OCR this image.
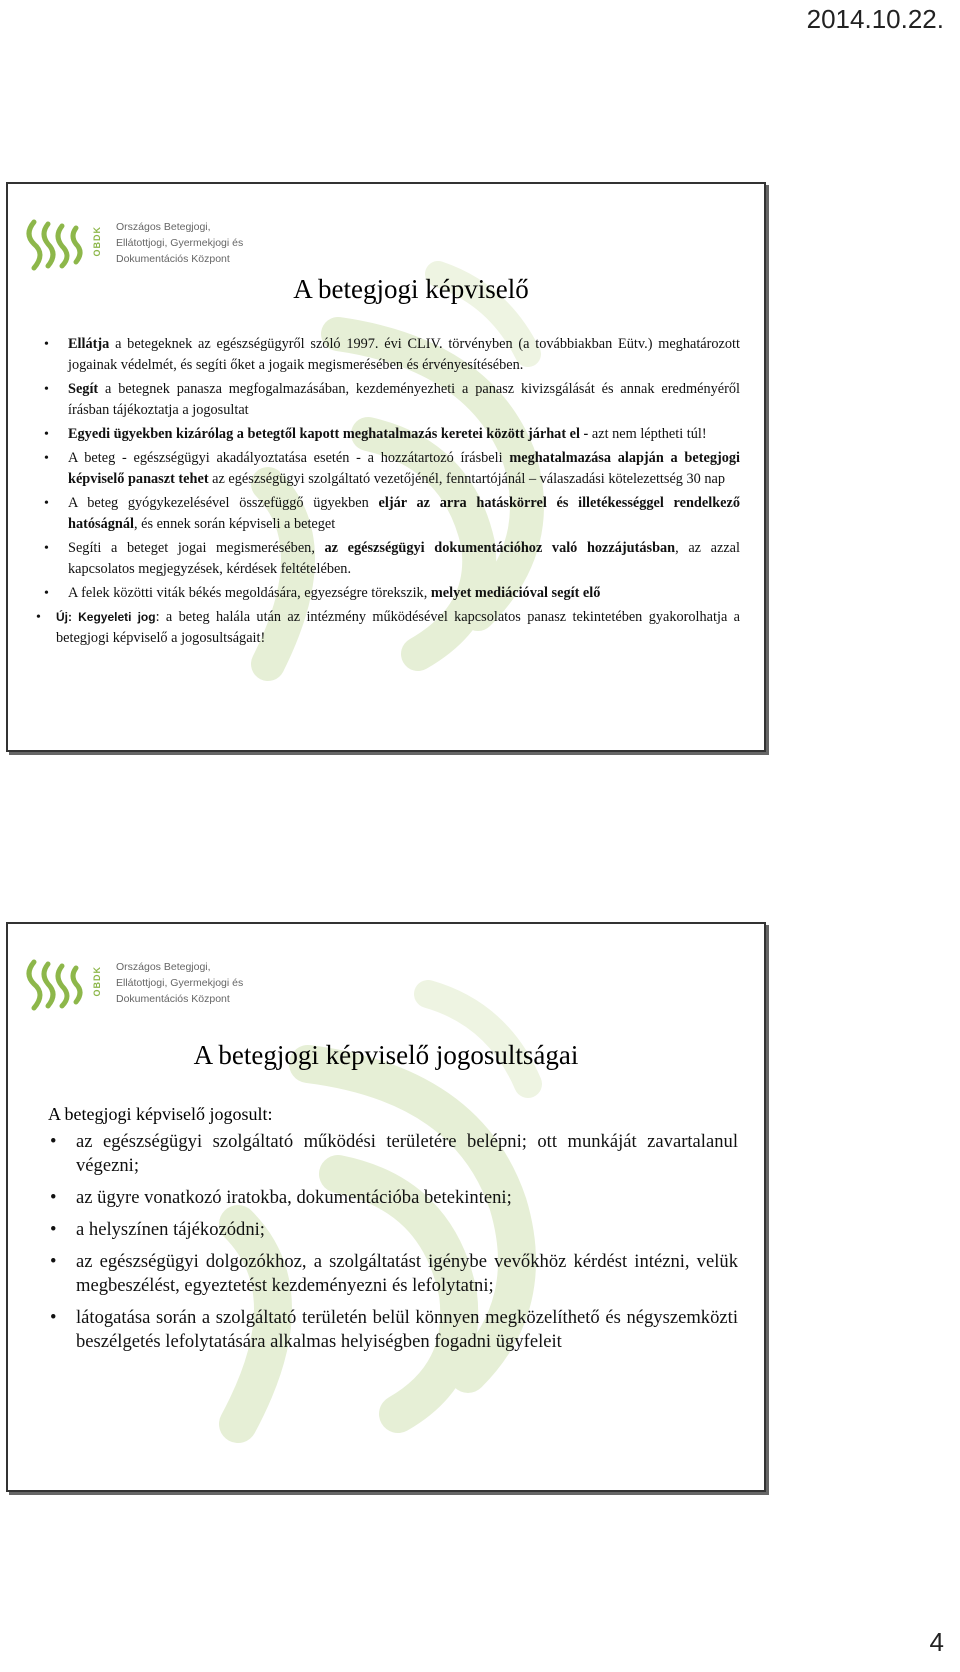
2014.10.22.
OBDK Országos Betegjogi,
Ellátottjogi, Gyermekjogi és
Dokumentációs Központ
A betegjogi képviselő
• Ellátja a betegeknek az egészségügyről szóló 1997. évi CLIV. törvényben (a továbbiakban Eütv.) meghatározott jogainak védelmét, és segíti őket a jogaik megismerésében és érvényesítésében.
• Segít a betegnek panasza megfogalmazásában, kezdeményezheti a panasz kivizsgálását és annak eredményéről írásban tájékoztatja a jogosultat
• Egyedi ügyekben kizárólag a betegtől kapott meghatalmazás keretei között járhat el - azt nem léptheti túl!
• A beteg - egészségügyi akadályoztatása esetén - a hozzátartozó írásbeli meghatalmazása alapján a betegjogi képviselő panaszt tehet az egészségügyi szolgáltató vezetőjénél, fenntartójánál – válaszadási kötelezettség 30 nap
• A beteg gyógykezelésével összefüggő ügyekben eljár az arra hatáskörrel és illetékességgel rendelkező hatóságnál, és ennek során képviseli a beteget
• Segíti a beteget jogai megismerésében, az egészségügyi dokumentációhoz való hozzájutásban, az azzal kapcsolatos megjegyzések, kérdések feltételében.
• A felek közötti viták békés megoldására, egyezségre törekszik, melyet mediációval segít elő
• Új: Kegyeleti jog: a beteg halála után az intézmény működésével kapcsolatos panasz tekintetében gyakorolhatja a betegjogi képviselő a jogosultságait!
OBDK Országos Betegjogi,
Ellátottjogi, Gyermekjogi és
Dokumentációs Központ
A betegjogi képviselő jogosultságai
A betegjogi képviselő jogosult:
• az egészségügyi szolgáltató működési területére belépni; ott munkáját zavartalanul végezni;
• az ügyre vonatkozó iratokba, dokumentációba betekinteni;
• a helyszínen tájékozódni;
• az egészségügyi dolgozókhoz, a szolgáltatást igénybe vevőkhöz kérdést intézni, velük megbeszélést, egyeztetést kezdeményezni és lefolytatni;
• látogatása során a szolgáltató területén belül könnyen megközelíthető és négyszemközti beszélgetés lefolytatására alkalmas helyiségben fogadni ügyfeleit
4
